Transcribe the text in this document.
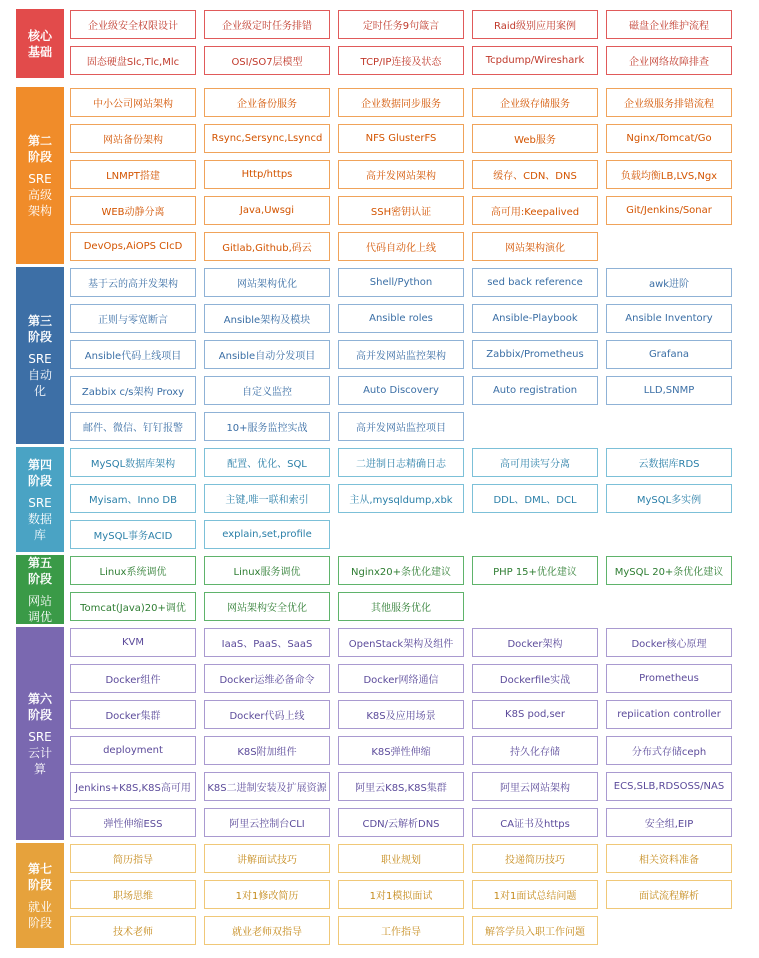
核心
基础
企业级安全权限设计	企业级定时任务排错	定时任务9句箴言	Raid级别应用案例	磁盘企业维护流程
固态硬盘Slc,Tlc,Mlc	OSI/SO7层模型	TCP/IP连接及状态	Tcpdump/Wireshark	企业网络故障排查
第二
阶段
SRE
高级
架构
中小公司网站架构	企业备份服务	企业数据同步服务	企业级存储服务	企业级服务排错流程
网站备份架构	Rsync,Sersync,Lsyncd	NFS GlusterFS	Web服务	Nginx/Tomcat/Go
LNMPT搭建	Http/https	高并发网站架构	缓存、CDN、DNS	负载均衡LB,LVS,Ngx
WEB动静分离	Java,Uwsgi	SSH密钥认证	高可用:Keepalived	Git/Jenkins/Sonar
DevOps,AiOPS CIcD	Gitlab,Github,码云	代码自动化上线	网站架构演化
第三
阶段
SRE
自动
化
基于云的高并发架构	网站架构优化	Shell/Python	sed back reference	awk进阶
正则与零宽断言	Ansible架构及模块	Ansible roles	Ansible-Playbook	Ansible Inventory
Ansible代码上线项目	Ansible自动分发项目	高并发网站监控架构	Zabbix/Prometheus	Grafana
Zabbix c/s架构 Proxy	自定义监控	Auto Discovery	Auto registration	LLD,SNMP
邮件、微信、钉钉报警	10+服务监控实战	高并发网站监控项目
第四
阶段
SRE
数据
库
MySQL数据库架构	配置、优化、SQL	二进制日志精确日志	高可用读写分离	云数据库RDS
Myisam、Inno DB	主键,唯一联和索引	主从,mysqldump,xbk	DDL、DML、DCL	MySQL多实例
MySQL事务ACID	explain,set,profile
第五
阶段
网站
调优
Linux系统调优	Linux服务调优	Nginx20+条优化建议	PHP 15+优化建议	MySQL 20+条优化建议
Tomcat(Java)20+调优	网站架构安全优化	其他服务优化
第六
阶段
SRE
云计
算
KVM	IaaS、PaaS、SaaS	OpenStack架构及组件	Docker架构	Docker核心原理
Docker组件	Docker运维必备命令	Docker网络通信	Dockerfile实战	Prometheus
Docker集群	Docker代码上线	K8S及应用场景	K8S pod,ser	repiication controller
deployment	K8S附加组件	K8S弹性伸缩	持久化存储	分布式存储ceph
Jenkins+K8S,K8S高可用	K8S二进制安装及扩展资源	阿里云K8S,K8S集群	阿里云网站架构	ECS,SLB,RDSOSS/NAS
弹性伸缩ESS	阿里云控制台CLI	CDN/云解析DNS	CA证书及https	安全组,EIP
第七
阶段
就业
阶段
简历指导	讲解面试技巧	职业规划	投递简历技巧	相关资料准备
职场思维	1对1修改简历	1对1模拟面试	1对1面试总结问题	面试流程解析
技术老师	就业老师双指导	工作指导	解答学员入职工作问题
